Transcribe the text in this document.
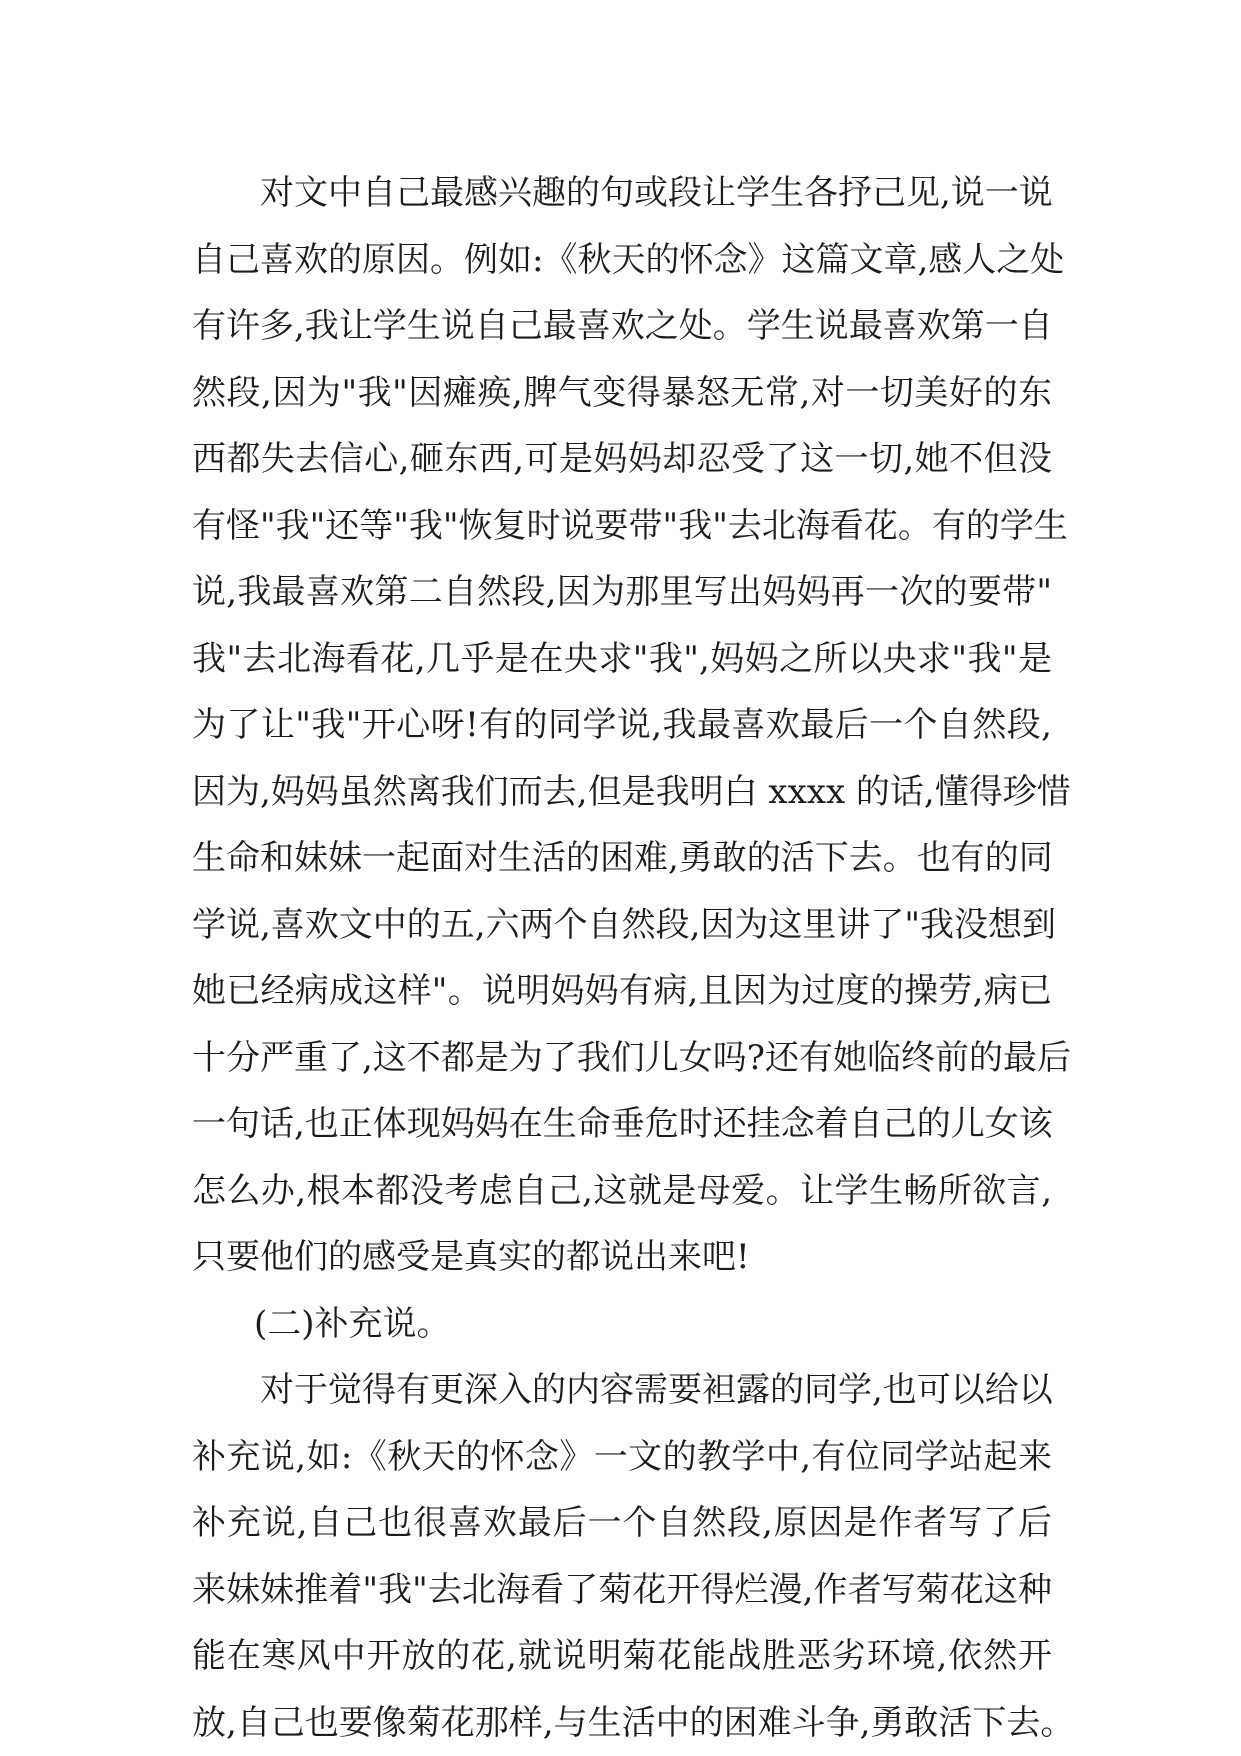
对文中自己最感兴趣的句或段让学生各抒己见,说一说
自己喜欢的原因。例如:《秋天的怀念》这篇文章,感人之处
有许多,我让学生说自己最喜欢之处。学生说最喜欢第一自
然段,因为"我"因瘫痪,脾气变得暴怒无常,对一切美好的东
西都失去信心,砸东西,可是妈妈却忍受了这一切,她不但没
有怪"我"还等"我"恢复时说要带"我"去北海看花。有的学生
说,我最喜欢第二自然段,因为那里写出妈妈再一次的要带"
我"去北海看花,几乎是在央求"我",妈妈之所以央求"我"是
为了让"我"开心呀!有的同学说,我最喜欢最后一个自然段,
因为,妈妈虽然离我们而去,但是我明白 xxxx 的话,懂得珍惜
生命和妹妹一起面对生活的困难,勇敢的活下去。也有的同
学说,喜欢文中的五,六两个自然段,因为这里讲了"我没想到
她已经病成这样"。说明妈妈有病,且因为过度的操劳,病已
十分严重了,这不都是为了我们儿女吗?还有她临终前的最后
一句话,也正体现妈妈在生命垂危时还挂念着自己的儿女该
怎么办,根本都没考虑自己,这就是母爱。让学生畅所欲言,
只要他们的感受是真实的都说出来吧!
(二)补充说。
对于觉得有更深入的内容需要袒露的同学,也可以给以
补充说,如:《秋天的怀念》一文的教学中,有位同学站起来
补充说,自己也很喜欢最后一个自然段,原因是作者写了后
来妹妹推着"我"去北海看了菊花开得烂漫,作者写菊花这种
能在寒风中开放的花,就说明菊花能战胜恶劣环境,依然开
放,自己也要像菊花那样,与生活中的困难斗争,勇敢活下去。
